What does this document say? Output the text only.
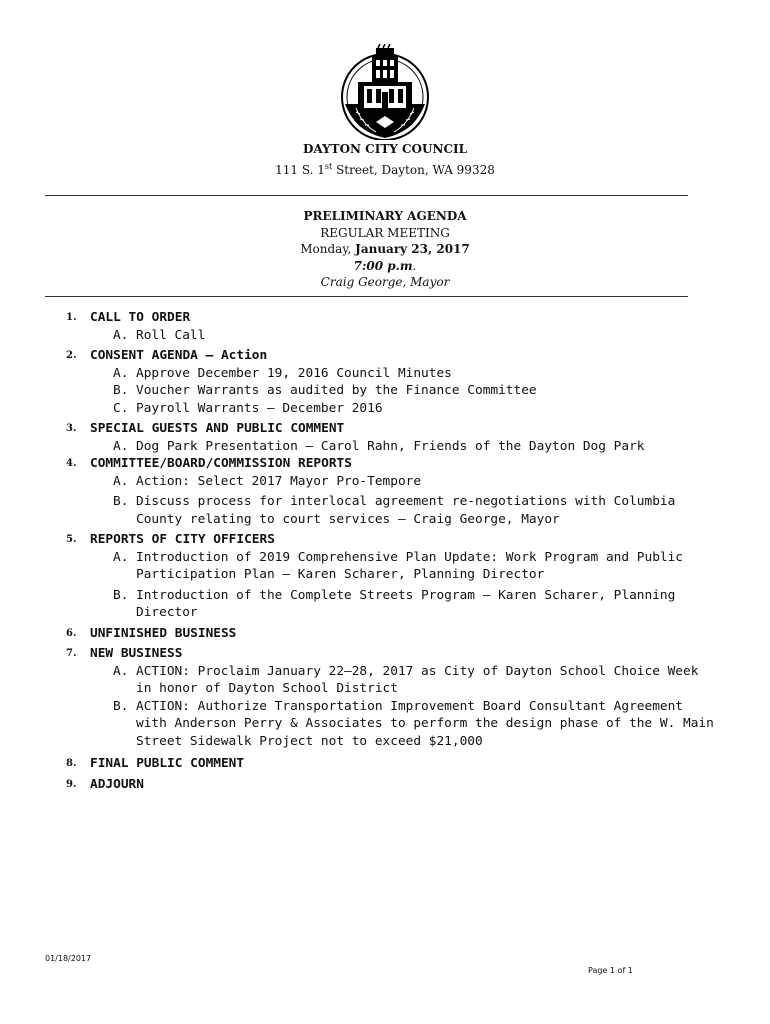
DAYTON CITY COUNCIL
111 S. 1st Street, Dayton, WA 99328
PRELIMINARY AGENDA
REGULAR MEETING
Monday, January 23, 2017
7:00 p.m.
Craig George, Mayor
1. CALL TO ORDER
A. Roll Call
2. CONSENT AGENDA – Action
A. Approve December 19, 2016 Council Minutes
B. Voucher Warrants as audited by the Finance Committee
C. Payroll Warrants – December 2016
3. SPECIAL GUESTS AND PUBLIC COMMENT
A. Dog Park Presentation – Carol Rahn, Friends of the Dayton Dog Park
4. COMMITTEE/BOARD/COMMISSION REPORTS
A. Action: Select 2017 Mayor Pro-Tempore
B. Discuss process for interlocal agreement re-negotiations with Columbia County relating to court services – Craig George, Mayor
5. REPORTS OF CITY OFFICERS
A. Introduction of 2019 Comprehensive Plan Update: Work Program and Public Participation Plan – Karen Scharer, Planning Director
B. Introduction of the Complete Streets Program – Karen Scharer, Planning Director
6. UNFINISHED BUSINESS
7. NEW BUSINESS
A. ACTION: Proclaim January 22–28, 2017 as City of Dayton School Choice Week in honor of Dayton School District
B. ACTION: Authorize Transportation Improvement Board Consultant Agreement with Anderson Perry & Associates to perform the design phase of the W. Main Street Sidewalk Project not to exceed $21,000
8. FINAL PUBLIC COMMENT
9. ADJOURN
01/18/2017
Page 1 of 1
